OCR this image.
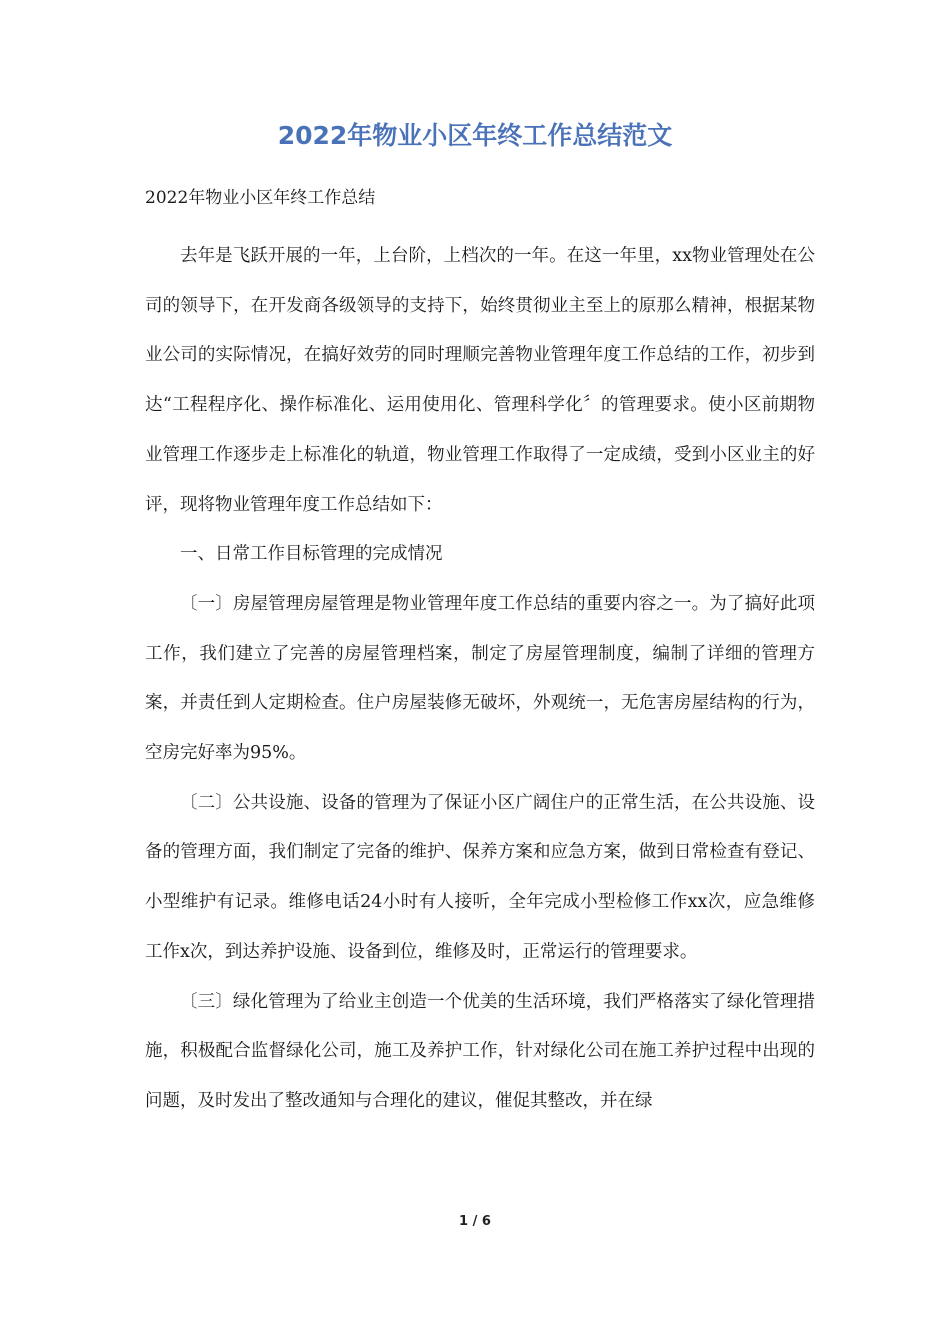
2022年物业小区年终工作总结范文

2022年物业小区年终工作总结

去年是飞跃开展的一年，上台阶，上档次的一年。在这一年里，xx物业管理处在公司的领导下，在开发商各级领导的支持下，始终贯彻业主至上的原那么精神，根据某物业公司的实际情况，在搞好效劳的同时理顺完善物业管理年度工作总结的工作，初步到达“工程程序化、操作标准化、运用使用化、管理科学化〞的管理要求。使小区前期物业管理工作逐步走上标准化的轨道，物业管理工作取得了一定成绩，受到小区业主的好评，现将物业管理年度工作总结如下：

一、日常工作目标管理的完成情况

〔一〕房屋管理房屋管理是物业管理年度工作总结的重要内容之一。为了搞好此项工作，我们建立了完善的房屋管理档案，制定了房屋管理制度，编制了详细的管理方案，并责任到人定期检查。住户房屋装修无破坏，外观统一，无危害房屋结构的行为，空房完好率为95%。

〔二〕公共设施、设备的管理为了保证小区广阔住户的正常生活，在公共设施、设备的管理方面，我们制定了完备的维护、保养方案和应急方案，做到日常检查有登记、小型维护有记录。维修电话24小时有人接听，全年完成小型检修工作xx次，应急维修工作x次，到达养护设施、设备到位，维修及时，正常运行的管理要求。

〔三〕绿化管理为了给业主创造一个优美的生活环境，我们严格落实了绿化管理措施，积极配合监督绿化公司，施工及养护工作，针对绿化公司在施工养护过程中出现的问题，及时发出了整改通知与合理化的建议，催促其整改，并在绿

1 / 6
